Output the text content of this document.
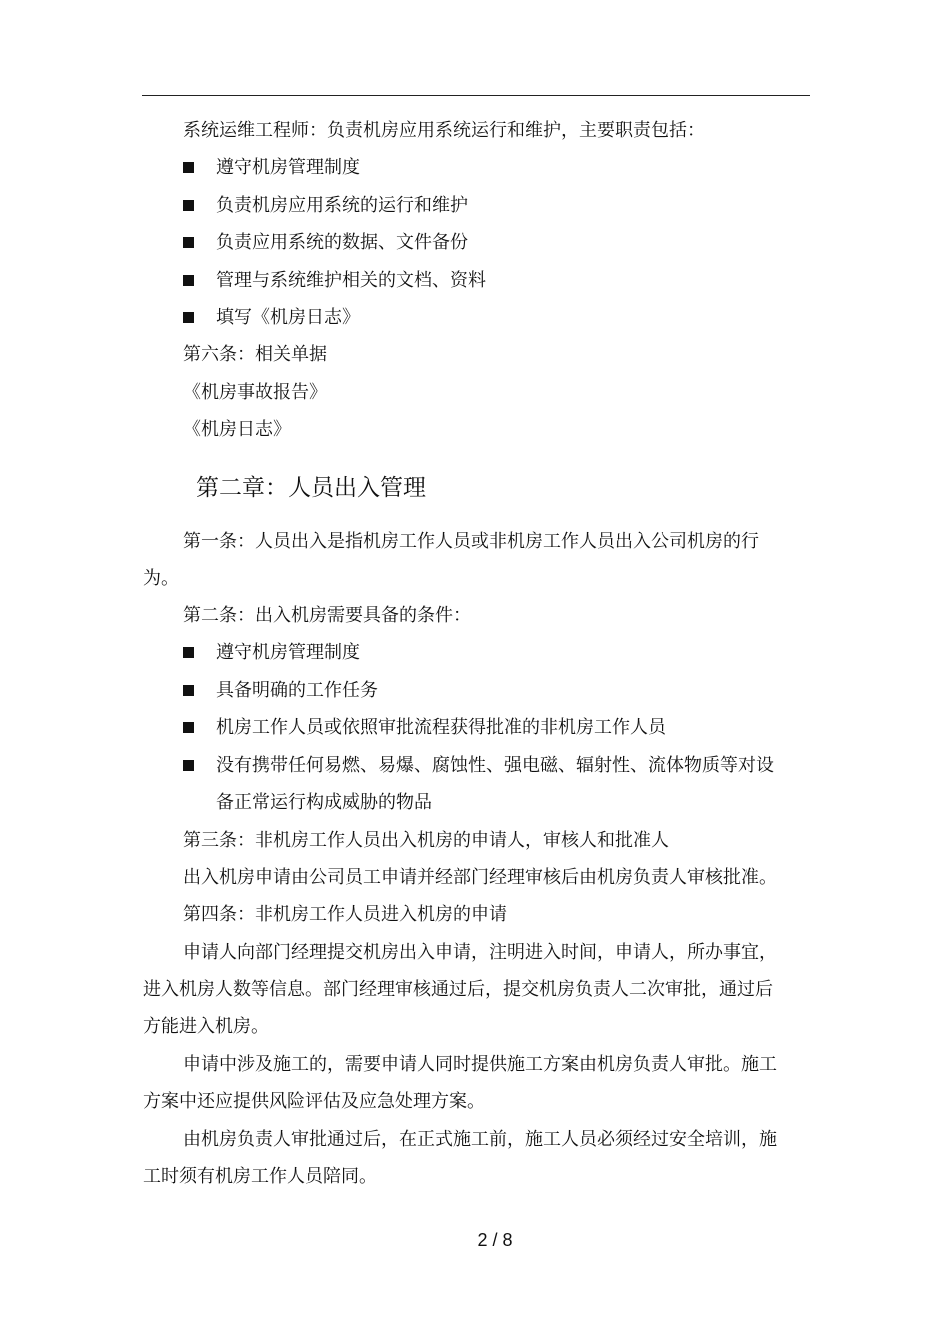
系统运维工程师：负责机房应用系统运行和维护，主要职责包括：
遵守机房管理制度
负责机房应用系统的运行和维护
负责应用系统的数据、文件备份
管理与系统维护相关的文档、资料
填写《机房日志》
第六条：相关单据
《机房事故报告》
《机房日志》
第二章：人员出入管理
第一条：人员出入是指机房工作人员或非机房工作人员出入公司机房的行
为。
第二条：出入机房需要具备的条件：
遵守机房管理制度
具备明确的工作任务
机房工作人员或依照审批流程获得批准的非机房工作人员
没有携带任何易燃、易爆、腐蚀性、强电磁、辐射性、流体物质等对设
备正常运行构成威胁的物品
第三条：非机房工作人员出入机房的申请人，审核人和批准人
出入机房申请由公司员工申请并经部门经理审核后由机房负责人审核批准。
第四条：非机房工作人员进入机房的申请
申请人向部门经理提交机房出入申请，注明进入时间，申请人，所办事宜，
进入机房人数等信息。部门经理审核通过后，提交机房负责人二次审批，通过后
方能进入机房。
申请中涉及施工的，需要申请人同时提供施工方案由机房负责人审批。施工
方案中还应提供风险评估及应急处理方案。
由机房负责人审批通过后，在正式施工前，施工人员必须经过安全培训，施
工时须有机房工作人员陪同。
2 / 8
